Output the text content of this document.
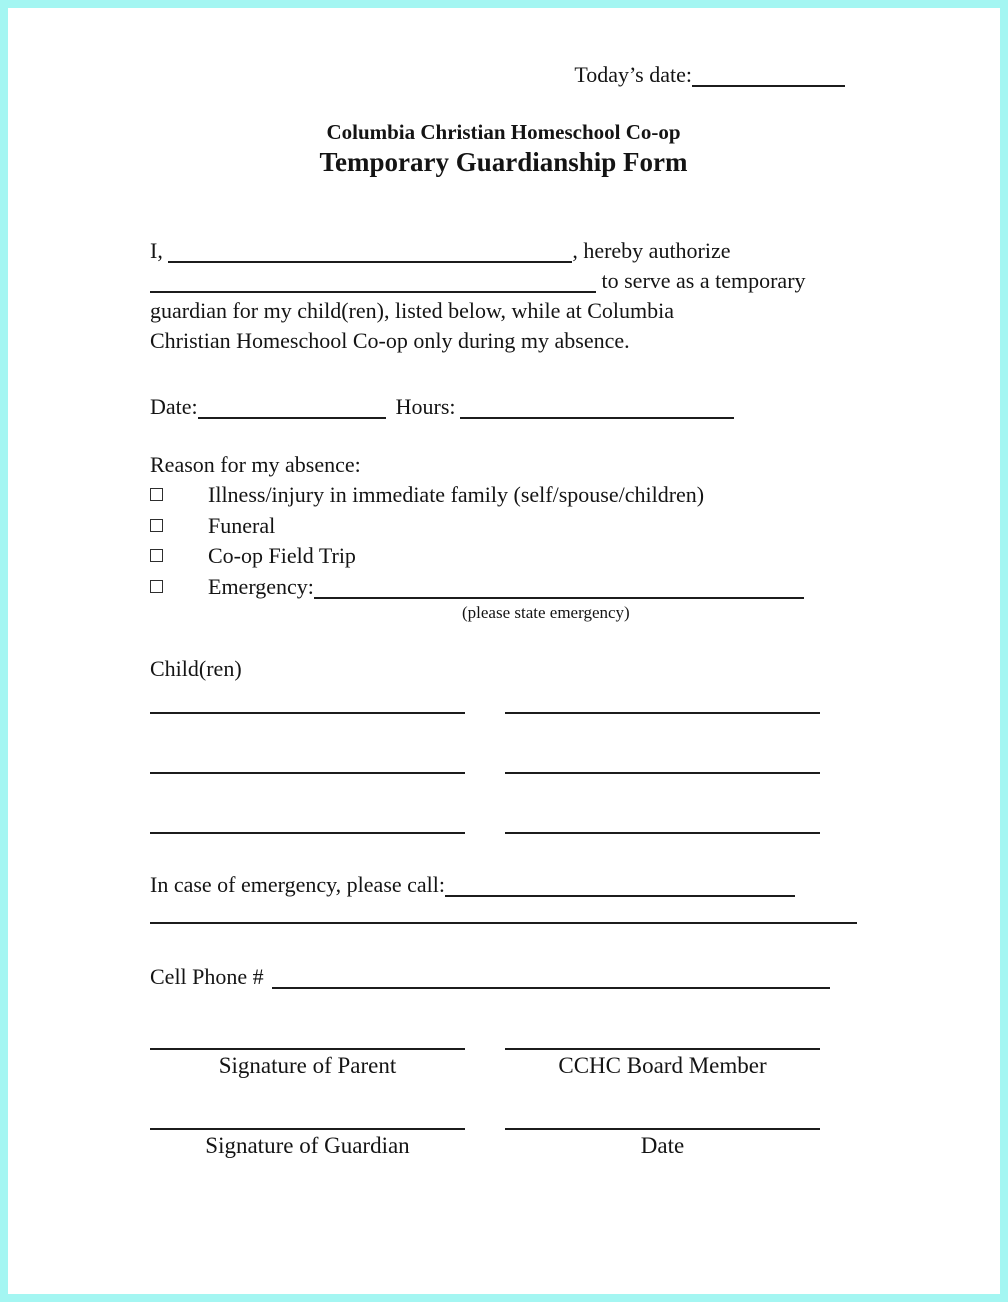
Today’s date:
Columbia Christian Homeschool Co-op
Temporary Guardianship Form
I,	, hereby authorize
to serve as a temporary
guardian for my child(ren), listed below, while at Columbia
Christian Homeschool Co-op only during my absence.
Date:	Hours:
Reason for my absence:
Illness/injury in immediate family (self/spouse/children)
Funeral
Co-op Field Trip
Emergency:
(please state emergency)
Child(ren)
In case of emergency, please call:
Cell Phone #
Signature of Parent	CCHC Board Member
Signature of Guardian	Date
